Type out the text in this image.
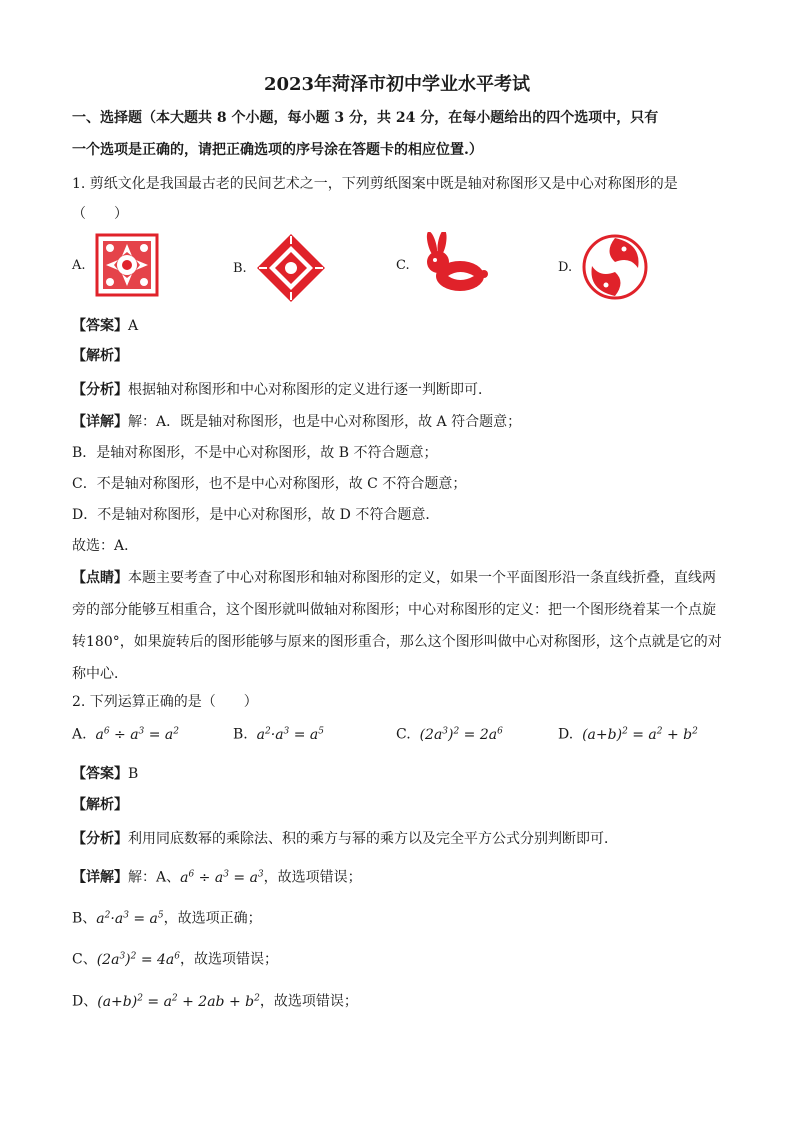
2023年菏泽市初中学业水平考试
一、选择题（本大题共 8 个小题，每小题 3 分，共 24 分，在每小题给出的四个选项中，只有
一个选项是正确的，请把正确选项的序号涂在答题卡的相应位置.）
1. 剪纸文化是我国最古老的民间艺术之一，下列剪纸图案中既是轴对称图形又是中心对称图形的是
（　　）
A.	B.	C.	D.
【答案】A
【解析】
【分析】根据轴对称图形和中心对称图形的定义进行逐一判断即可．
【详解】解：A．既是轴对称图形，也是中心对称图形，故 A 符合题意；
B．是轴对称图形，不是中心对称图形，故 B 不符合题意；
C．不是轴对称图形，也不是中心对称图形，故 C 不符合题意；
D．不是轴对称图形，是中心对称图形，故 D 不符合题意．
故选：A．
【点睛】本题主要考查了中心对称图形和轴对称图形的定义，如果一个平面图形沿一条直线折叠，直线两旁的部分能够互相重合，这个图形就叫做轴对称图形；中心对称图形的定义：把一个图形绕着某一个点旋转180°，如果旋转后的图形能够与原来的图形重合，那么这个图形叫做中心对称图形，这个点就是它的对称中心．
2. 下列运算正确的是（　　）
A. $a^6 \div a^3 = a^2$	B. $a^2\cdot a^3 = a^5$	C. $(2a^3)^2 = 2a^6$	D. $(a+b)^2 = a^2 + b^2$
【答案】B
【解析】
【分析】利用同底数幂的乘除法、积的乘方与幂的乘方以及完全平方公式分别判断即可．
【详解】解：A、$a^6 \div a^3 = a^3$，故选项错误；
B、$a^2\cdot a^3 = a^5$，故选项正确；
C、$(2a^3)^2 = 4a^6$，故选项错误；
D、$(a+b)^2 = a^2 + 2ab + b^2$，故选项错误；
